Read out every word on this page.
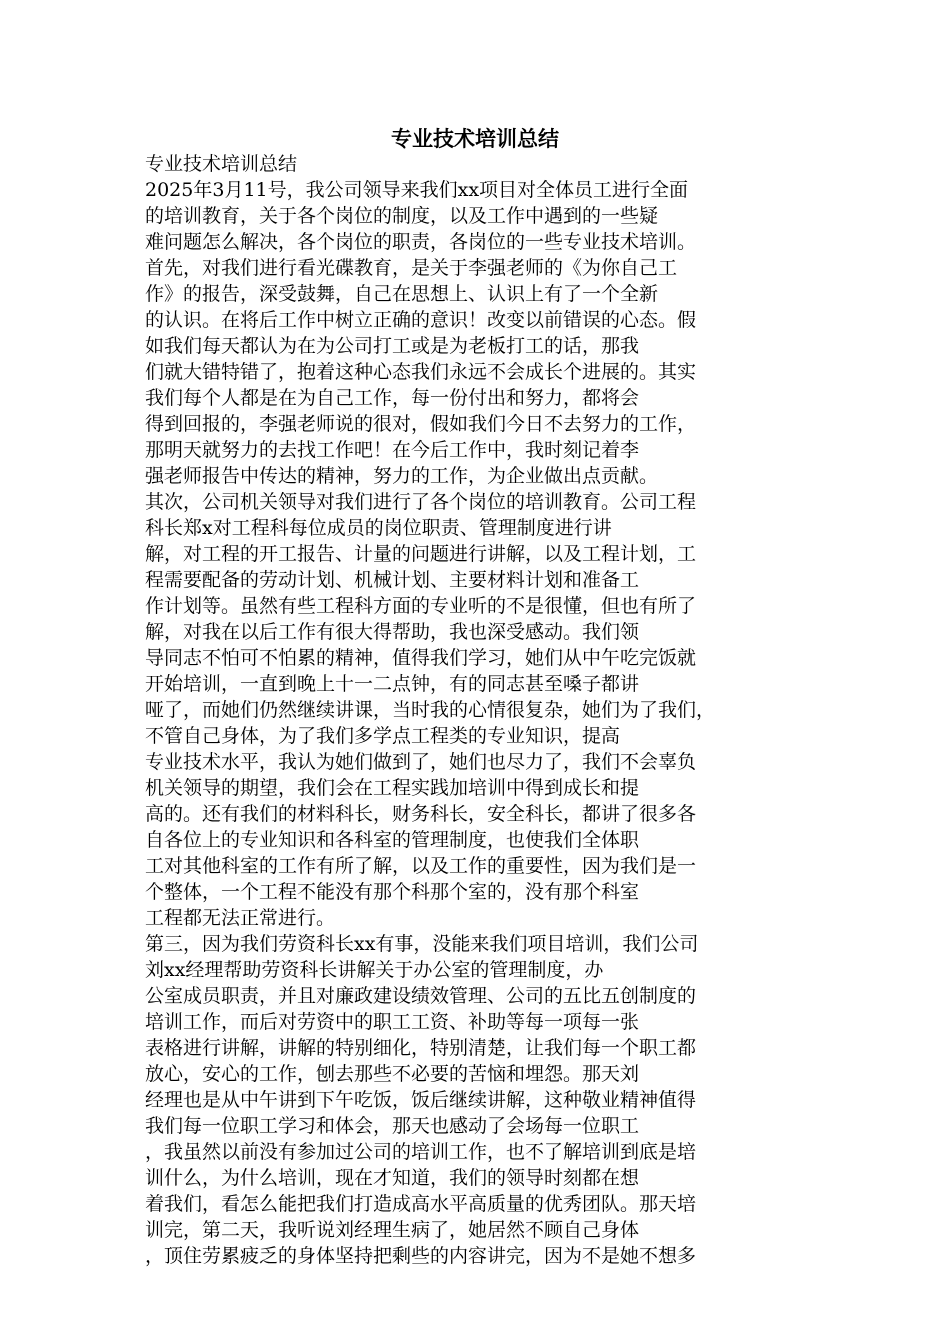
专业技术培训总结
专业技术培训总结
2025年3月11号，我公司领导来我们xx项目对全体员工进行全面
的培训教育，关于各个岗位的制度，以及工作中遇到的一些疑
难问题怎么解决，各个岗位的职责，各岗位的一些专业技术培训。
首先，对我们进行看光碟教育，是关于李强老师的《为你自己工
作》的报告，深受鼓舞，自己在思想上、认识上有了一个全新
的认识。在将后工作中树立正确的意识！改变以前错误的心态。假
如我们每天都认为在为公司打工或是为老板打工的话，那我
们就大错特错了，抱着这种心态我们永远不会成长个进展的。其实
我们每个人都是在为自己工作，每一份付出和努力，都将会
得到回报的，李强老师说的很对，假如我们今日不去努力的工作，
那明天就努力的去找工作吧！在今后工作中，我时刻记着李
强老师报告中传达的精神，努力的工作，为企业做出点贡献。
其次，公司机关领导对我们进行了各个岗位的培训教育。公司工程
科长郑x对工程科每位成员的岗位职责、管理制度进行讲
解，对工程的开工报告、计量的问题进行讲解，以及工程计划，工
程需要配备的劳动计划、机械计划、主要材料计划和准备工
作计划等。虽然有些工程科方面的专业听的不是很懂，但也有所了
解，对我在以后工作有很大得帮助，我也深受感动。我们领
导同志不怕可不怕累的精神，值得我们学习，她们从中午吃完饭就
开始培训，一直到晚上十一二点钟，有的同志甚至嗓子都讲
哑了，而她们仍然继续讲课，当时我的心情很复杂，她们为了我们，
不管自己身体，为了我们多学点工程类的专业知识，提高
专业技术水平，我认为她们做到了，她们也尽力了，我们不会辜负
机关领导的期望，我们会在工程实践加培训中得到成长和提
高的。还有我们的材料科长，财务科长，安全科长，都讲了很多各
自各位上的专业知识和各科室的管理制度，也使我们全体职
工对其他科室的工作有所了解，以及工作的重要性，因为我们是一
个整体，一个工程不能没有那个科那个室的，没有那个科室
工程都无法正常进行。
第三，因为我们劳资科长xx有事，没能来我们项目培训，我们公司
刘xx经理帮助劳资科长讲解关于办公室的管理制度，办
公室成员职责，并且对廉政建设绩效管理、公司的五比五创制度的
培训工作，而后对劳资中的职工工资、补助等每一项每一张
表格进行讲解，讲解的特别细化，特别清楚，让我们每一个职工都
放心，安心的工作，刨去那些不必要的苦恼和埋怨。那天刘
经理也是从中午讲到下午吃饭，饭后继续讲解，这种敬业精神值得
我们每一位职工学习和体会，那天也感动了会场每一位职工
，我虽然以前没有参加过公司的培训工作，也不了解培训到底是培
训什么，为什么培训，现在才知道，我们的领导时刻都在想
着我们，看怎么能把我们打造成高水平高质量的优秀团队。那天培
训完，第二天，我听说刘经理生病了，她居然不顾自己身体
，顶住劳累疲乏的身体坚持把剩些的内容讲完，因为不是她不想多
